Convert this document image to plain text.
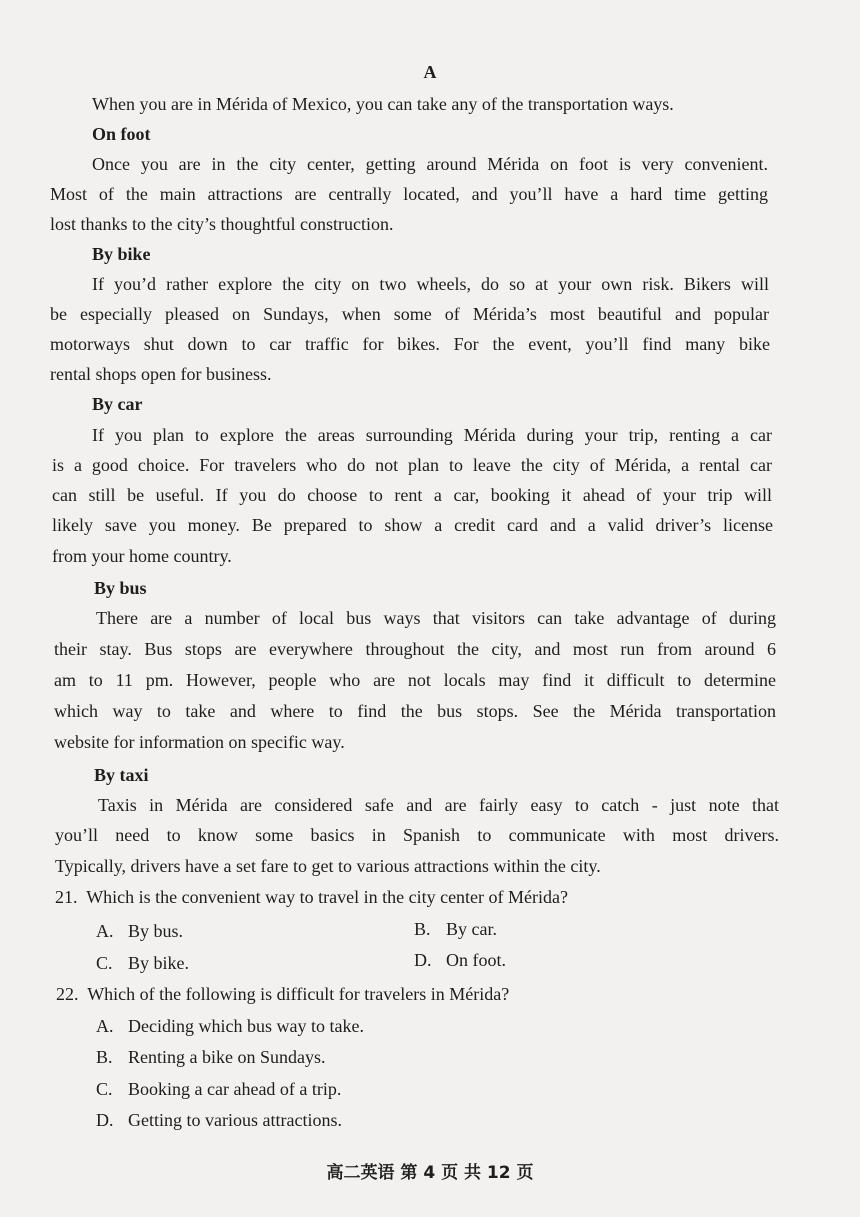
A
When you are in Mérida of Mexico, you can take any of the transportation ways.
On foot
Once you are in the city center, getting around Mérida on foot is very convenient.
Most of the main attractions are centrally located, and you’ll have a hard time getting
lost thanks to the city’s thoughtful construction.
By bike
If you’d rather explore the city on two wheels, do so at your own risk. Bikers will
be especially pleased on Sundays, when some of Mérida’s most beautiful and popular
motorways shut down to car traffic for bikes. For the event, you’ll find many bike
rental shops open for business.
By car
If you plan to explore the areas surrounding Mérida during your trip, renting a car
is a good choice. For travelers who do not plan to leave the city of Mérida, a rental car
can still be useful. If you do choose to rent a car, booking it ahead of your trip will
likely save you money. Be prepared to show a credit card and a valid driver’s license
from your home country.
By bus
There are a number of local bus ways that visitors can take advantage of during
their stay. Bus stops are everywhere throughout the city, and most run from around 6
am to 11 pm. However, people who are not locals may find it difficult to determine
which way to take and where to find the bus stops. See the Mérida transportation
website for information on specific way.
By taxi
Taxis in Mérida are considered safe and are fairly easy to catch - just note that
you’ll need to know some basics in Spanish to communicate with most drivers.
Typically, drivers have a set fare to get to various attractions within the city.
21. Which is the convenient way to travel in the city center of Mérida?
A. By bus.	B. By car.
C. By bike.	D. On foot.
22. Which of the following is difficult for travelers in Mérida?
A. Deciding which bus way to take.
B. Renting a bike on Sundays.
C. Booking a car ahead of a trip.
D. Getting to various attractions.
高二英语 第 4 页 共 12 页
